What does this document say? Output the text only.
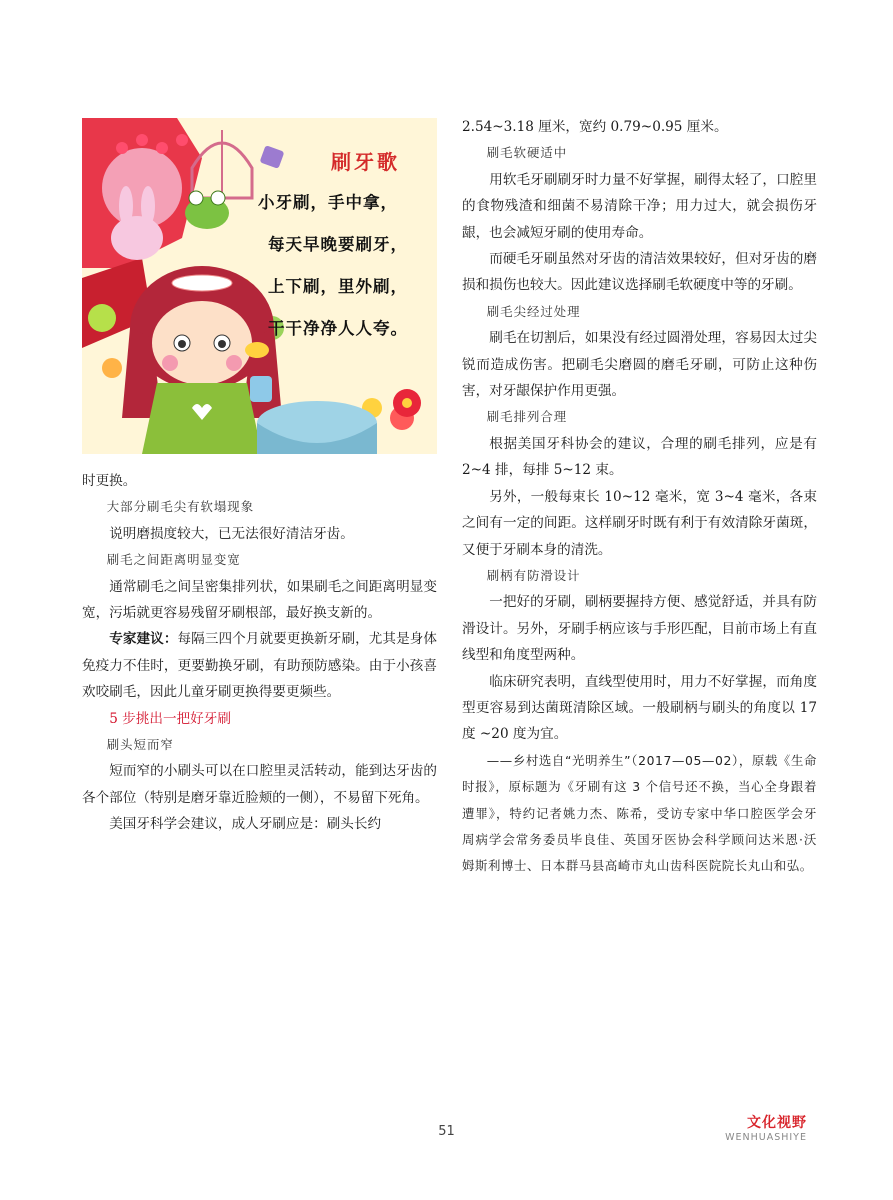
刷牙歌
小牙刷，手中拿，
每天早晚要刷牙，
上下刷，里外刷，
干干净净人人夸。

时更换。

大部分刷毛尖有软塌现象

说明磨损度较大，已无法很好清洁牙齿。

刷毛之间距离明显变宽

通常刷毛之间呈密集排列状，如果刷毛之间距离明显变宽，污垢就更容易残留牙刷根部，最好换支新的。

专家建议：每隔三四个月就要更换新牙刷，尤其是身体免疫力不佳时，更要勤换牙刷，有助预防感染。由于小孩喜欢咬刷毛，因此儿童牙刷更换得要更频些。

5 步挑出一把好牙刷
刷头短而窄

短而窄的小刷头可以在口腔里灵活转动，能到达牙齿的各个部位（特别是磨牙靠近脸颊的一侧），不易留下死角。

美国牙科学会建议，成人牙刷应是：刷头长约

2.54~3.18 厘米，宽约 0.79~0.95 厘米。

刷毛软硬适中

用软毛牙刷刷牙时力量不好掌握，刷得太轻了，口腔里的食物残渣和细菌不易清除干净；用力过大，就会损伤牙龈，也会减短牙刷的使用寿命。

而硬毛牙刷虽然对牙齿的清洁效果较好，但对牙齿的磨损和损伤也较大。因此建议选择刷毛软硬度中等的牙刷。

刷毛尖经过处理

刷毛在切割后，如果没有经过圆滑处理，容易因太过尖锐而造成伤害。把刷毛尖磨圆的磨毛牙刷，可防止这种伤害，对牙龈保护作用更强。

刷毛排列合理

根据美国牙科协会的建议，合理的刷毛排列，应是有 2~4 排，每排 5~12 束。

另外，一般每束长 10~12 毫米，宽 3~4 毫米，各束之间有一定的间距。这样刷牙时既有利于有效清除牙菌斑，又便于牙刷本身的清洗。

刷柄有防滑设计

一把好的牙刷，刷柄要握持方便、感觉舒适，并具有防滑设计。另外，牙刷手柄应该与手形匹配，目前市场上有直线型和角度型两种。

临床研究表明，直线型使用时，用力不好掌握，而角度型更容易到达菌斑清除区域。一般刷柄与刷头的角度以 17 度 ~20 度为宜。

——乡村选自“光明养生”（2017—05—02），原载《生命时报》，原标题为《牙刷有这 3 个信号还不换，当心全身跟着遭罪》，特约记者姚力杰、陈希，受访专家中华口腔医学会牙周病学会常务委员毕良佳、英国牙医协会科学顾问达米恩·沃姆斯利博士、日本群马县高崎市丸山齿科医院院长丸山和弘。

51
文化视野
WENHUASHIYE
